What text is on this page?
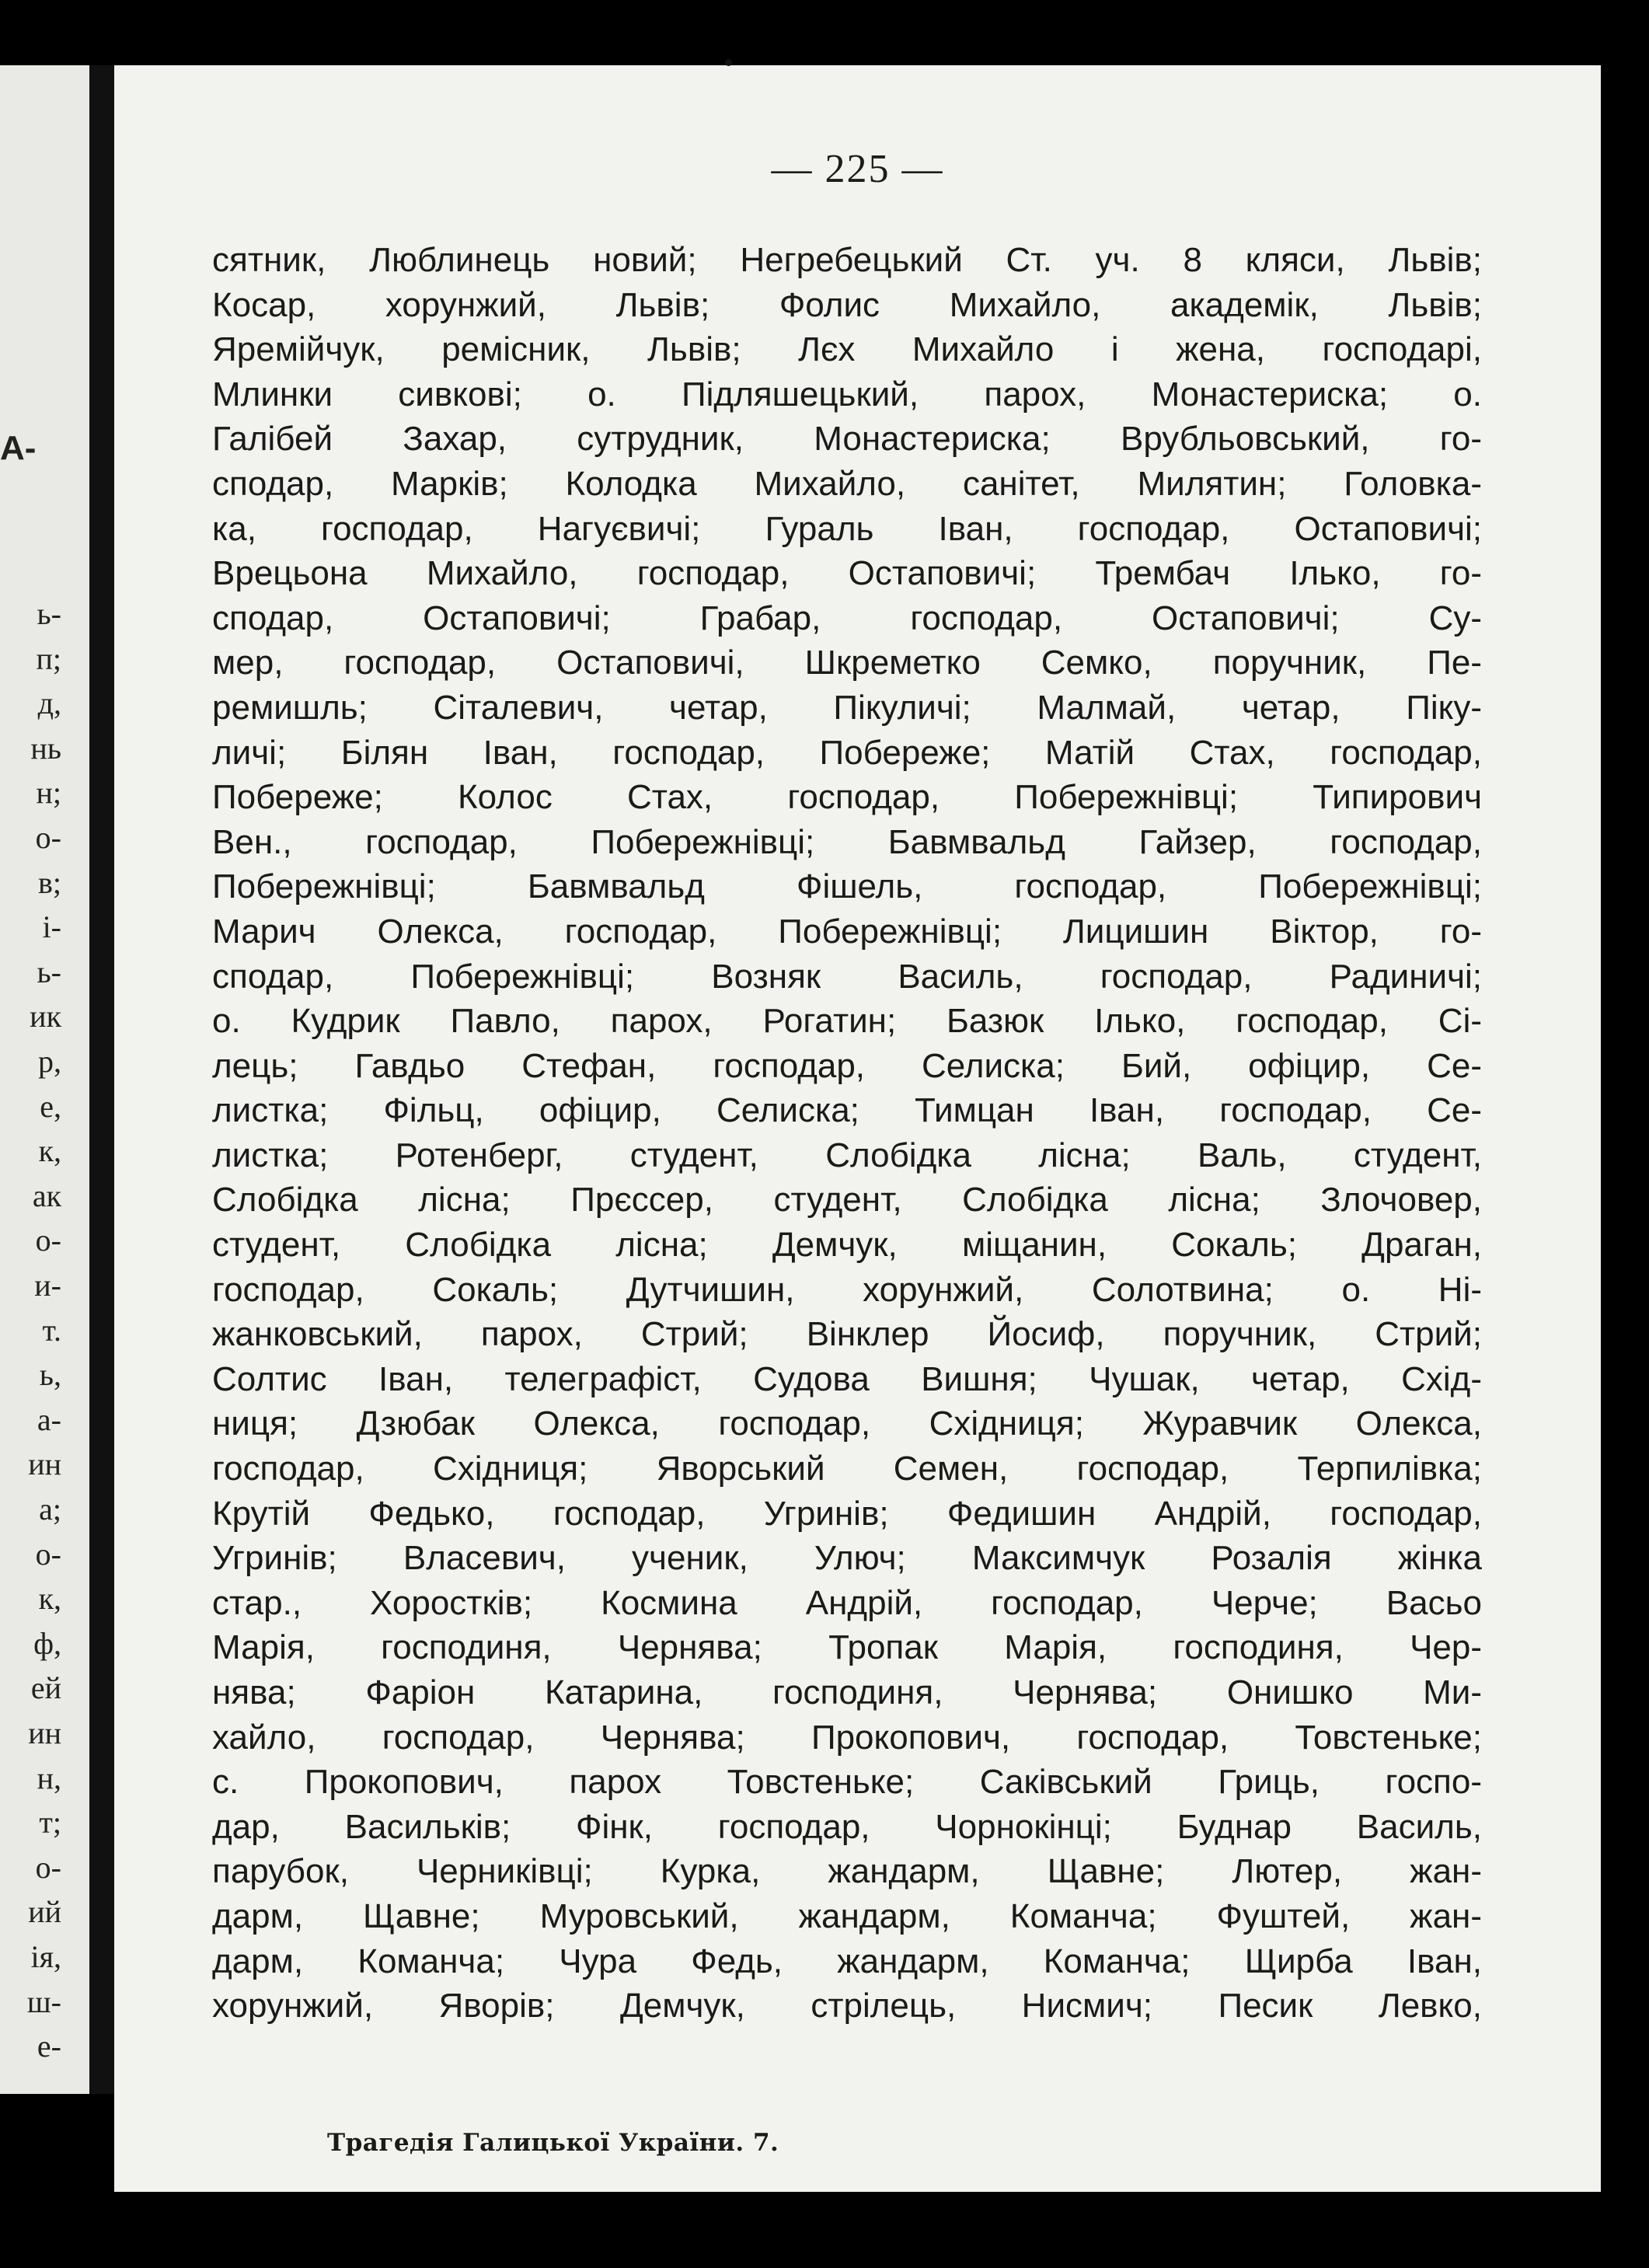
A-
ь-
п;
д,
нь
н;
о-
в;
і-
ь-
ик
р,
е,
к,
ак
о-
и-
т.
ь,
а-
ин
а;
о-
к,
ф,
ей
ин
н,
т;
о-
ий
ія,
ш-
е-
— 225 —
сятник, Люблинець новий; Негребецький Ст. уч. 8 кляси, Львів;
Косар, хорунжий, Львів; Фолис Михайло, академік, Львів;
Яремійчук, ремісник, Львів; Лєх Михайло і жена, господарі,
Млинки сивкові; о. Підляшецький, парох, Монастериска; о.
Галібей Захар, сутрудник, Монастериска; Врубльовський, го-
сподар, Марків; Колодка Михайло, санітет, Милятин; Головка-
ка, господар, Нагуєвичі; Гураль Іван, господар, Остаповичі;
Врецьона Михайло, господар, Остаповичі; Трембач Ілько, го-
сподар, Остаповичі; Грабар, господар, Остаповичі; Су-
мер, господар, Остаповичі, Шкреметко Семко, поручник, Пе-
ремишль; Сіталевич, четар, Пікуличі; Малмай, четар, Піку-
личі; Білян Іван, господар, Побереже; Матій Стах, господар,
Побереже; Колос Стах, господар, Побережнівці; Типирович
Вен., господар, Побережнівці; Бавмвальд Гайзер, господар,
Побережнівці; Бавмвальд Фішель, господар, Побережнівці;
Марич Олекса, господар, Побережнівці; Лицишин Віктор, го-
сподар, Побережнівці; Возняк Василь, господар, Радиничі;
о. Кудрик Павло, парох, Рогатин; Базюк Ілько, господар, Сі-
лець; Гавдьо Стефан, господар, Селиска; Бий, офіцир, Се-
листка; Фільц, офіцир, Селиска; Тимцан Іван, господар, Се-
листка; Ротенберг, студент, Слобідка лісна; Валь, студент,
Слобідка лісна; Прєссер, студент, Слобідка лісна; Злочовер,
студент, Слобідка лісна; Демчук, міщанин, Сокаль; Драган,
господар, Сокаль; Дутчишин, хорунжий, Солотвина; о. Ні-
жанковський, парох, Стрий; Вінклер Йосиф, поручник, Стрий;
Солтис Іван, телеграфіст, Судова Вишня; Чушак, четар, Схід-
ниця; Дзюбак Олекса, господар, Східниця; Журавчик Олекса,
господар, Східниця; Яворський Семен, господар, Терпилівка;
Крутій Федько, господар, Угринів; Федишин Андрій, господар,
Угринів; Власевич, ученик, Улюч; Максимчук Розалія жінка
стар., Хоростків; Космина Андрій, господар, Черче; Васьо
Марія, господиня, Чернява; Тропак Марія, господиня, Чер-
нява; Фаріон Катарина, господиня, Чернява; Онишко Ми-
хайло, господар, Чернява; Прокопович, господар, Товстеньке;
с. Прокопович, парох Товстеньке; Саківський Гриць, госпо-
дар, Васильків; Фінк, господар, Чорнокінці; Буднар Василь,
парубок, Черниківці; Курка, жандарм, Щавне; Лютер, жан-
дарм, Щавне; Муровський, жандарм, Команча; Фуштей, жан-
дарм, Команча; Чура Федь, жандарм, Команча; Щирба Іван,
хорунжий, Яворів; Демчук, стрілець, Нисмич; Песик Левко,
Трагедія Галицької України. 7.
